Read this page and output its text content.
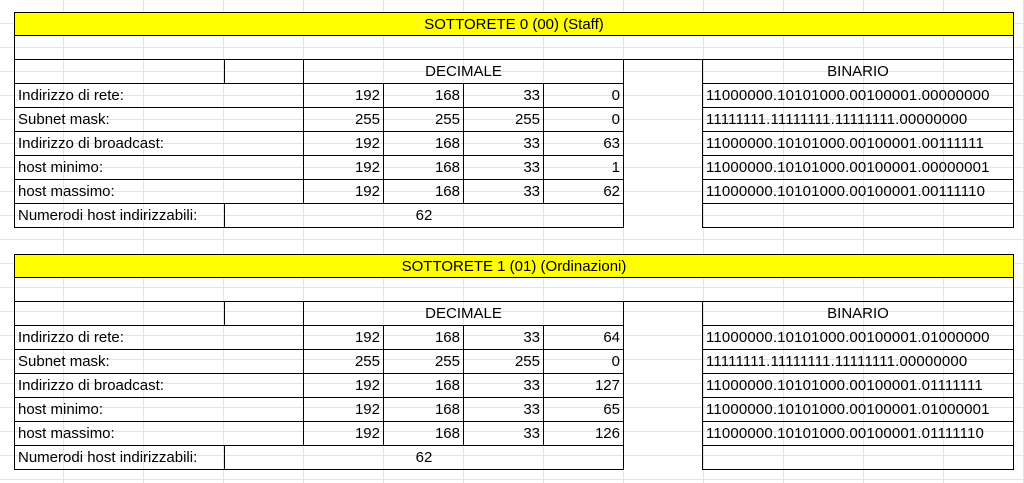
SOTTORETE 0 (00) (Staff)
DECIMALE	BINARIO
Indirizzo di rete:	192	168	33	0	11000000.10101000.00100001.00000000
Subnet mask:	255	255	255	0	11111111.11111111.11111111.00000000
Indirizzo di broadcast:	192	168	33	63	11000000.10101000.00100001.00111111
host minimo:	192	168	33	1	11000000.10101000.00100001.00000001
host massimo:	192	168	33	62	11000000.10101000.00100001.00111110
Numerodi host indirizzabili:	62
SOTTORETE 1 (01) (Ordinazioni)
DECIMALE	BINARIO
Indirizzo di rete:	192	168	33	64	11000000.10101000.00100001.01000000
Subnet mask:	255	255	255	0	11111111.11111111.11111111.00000000
Indirizzo di broadcast:	192	168	33	127	11000000.10101000.00100001.01111111
host minimo:	192	168	33	65	11000000.10101000.00100001.01000001
host massimo:	192	168	33	126	11000000.10101000.00100001.01111110
Numerodi host indirizzabili:	62
